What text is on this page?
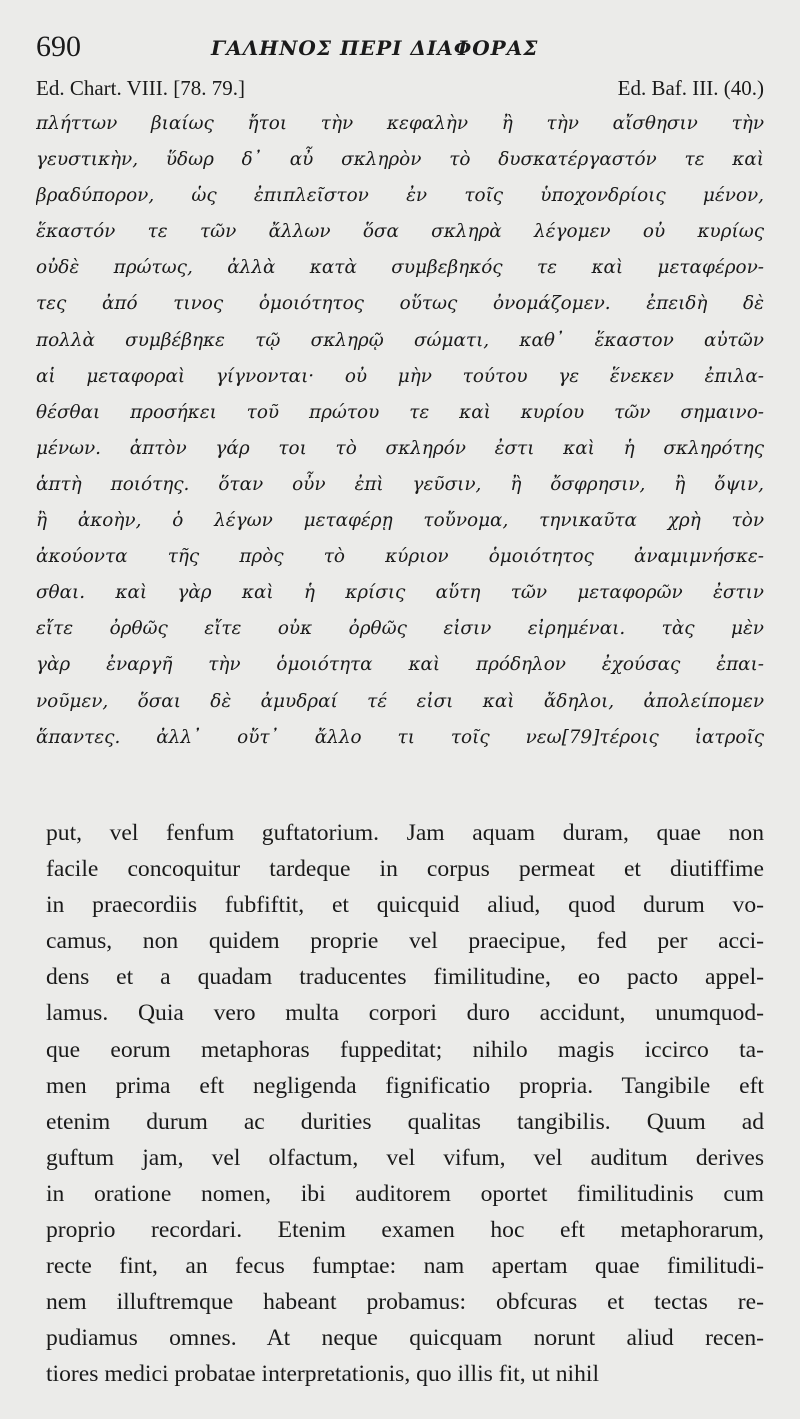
690	ΓΑΛΗΝΟΣ ΠΕΡΙ ΔΙΑΦΟΡΑΣ
Ed. Chart. VIII. [78. 79.]	Ed. Baf. III. (40.)
πλήττων βιαίως ἤτοι τὴν κεφαλὴν ἢ τὴν αἴσθησιν τὴν
γευστικὴν, ὕδωρ δ᾽ αὖ σκληρὸν τὸ δυσκατέργαστόν τε καὶ
βραδύπορον, ὡς ἐπιπλεῖστον ἐν τοῖς ὑποχονδρίοις μένον,
ἕκαστόν τε τῶν ἄλλων ὅσα σκληρὰ λέγομεν οὐ κυρίως
οὐδὲ πρώτως, ἀλλὰ κατὰ συμβεβηκός τε καὶ μεταφέρον-
τες ἀπό τινος ὁμοιότητος οὕτως ὀνομάζομεν. ἐπειδὴ δὲ
πολλὰ συμβέβηκε τῷ σκληρῷ σώματι, καθ᾽ ἕκαστον αὐτῶν
αἱ μεταφοραὶ γίγνονται· οὐ μὴν τούτου γε ἕνεκεν ἐπιλα-
θέσθαι προσήκει τοῦ πρώτου τε καὶ κυρίου τῶν σημαινο-
μένων. ἁπτὸν γάρ τοι τὸ σκληρόν ἐστι καὶ ἡ σκληρότης
ἁπτὴ ποιότης. ὅταν οὖν ἐπὶ γεῦσιν, ἢ ὄσφρησιν, ἢ ὄψιν,
ἢ ἀκοὴν, ὁ λέγων μεταφέρῃ τοὔνομα, τηνικαῦτα χρὴ τὸν
ἀκούοντα τῆς πρὸς τὸ κύριον ὁμοιότητος ἀναμιμνήσκε-
σθαι. καὶ γὰρ καὶ ἡ κρίσις αὕτη τῶν μεταφορῶν ἐστιν
εἴτε ὀρθῶς εἴτε οὐκ ὀρθῶς εἰσιν εἰρημέναι. τὰς μὲν
γὰρ ἐναργῆ τὴν ὁμοιότητα καὶ πρόδηλον ἐχούσας ἐπαι-
νοῦμεν, ὅσαι δὲ ἀμυδραί τέ εἰσι καὶ ἄδηλοι, ἀπολείπομεν
ἅπαντες. ἀλλ᾽ οὔτ᾽ ἄλλο τι τοῖς νεω[79]τέροις ἰατροῖς
put, vel fenfum guftatorium. Jam aquam duram, quae non
facile concoquitur tardeque in corpus permeat et diutiffime
in praecordiis fubfiftit, et quicquid aliud, quod durum vo-
camus, non quidem proprie vel praecipue, fed per acci-
dens et a quadam traducentes fimilitudine, eo pacto appel-
lamus. Quia vero multa corpori duro accidunt, unumquod-
que eorum metaphoras fuppeditat; nihilo magis iccirco ta-
men prima eft negligenda fignificatio propria. Tangibile eft
etenim durum ac durities qualitas tangibilis. Quum ad
guftum jam, vel olfactum, vel vifum, vel auditum derives
in oratione nomen, ibi auditorem oportet fimilitudinis cum
proprio recordari. Etenim examen hoc eft metaphorarum,
recte fint, an fecus fumptae: nam apertam quae fimilitudi-
nem illuftremque habeant probamus: obfcuras et tectas re-
pudiamus omnes. At neque quicquam norunt aliud recen-
tiores medici probatae interpretationis, quo illis fit, ut nihil
